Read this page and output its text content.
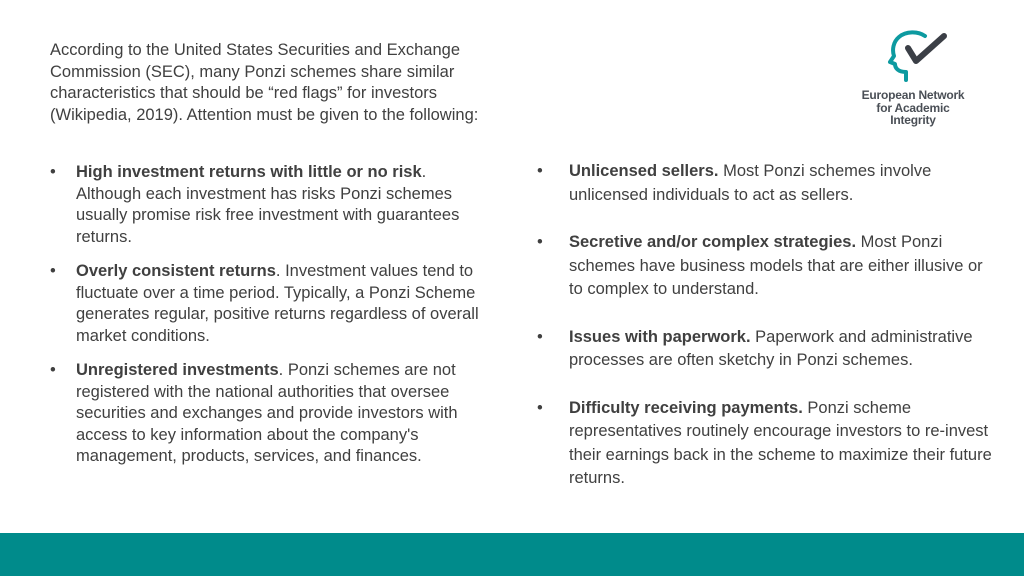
According to the United States Securities and Exchange Commission (SEC), many Ponzi schemes share similar characteristics that should be “red flags” for investors (Wikipedia, 2019). Attention must be given to the following:

European Network
for Academic
Integrity
• High investment returns with little or no risk. Although each investment has risks Ponzi schemes usually promise risk free investment with guarantees returns.
• Overly consistent returns. Investment values tend to fluctuate over a time period. Typically, a Ponzi Scheme generates regular, positive returns regardless of overall market conditions.
• Unregistered investments. Ponzi schemes are not registered with the national authorities that oversee securities and exchanges and provide investors with access to key information about the company's management, products, services, and finances.
• Unlicensed sellers. Most Ponzi schemes involve unlicensed individuals to act as sellers.
• Secretive and/or complex strategies. Most Ponzi schemes have business models that are either illusive or to complex to understand.
• Issues with paperwork. Paperwork and administrative processes are often sketchy in Ponzi schemes.
• Difficulty receiving payments. Ponzi scheme representatives routinely encourage investors to re-invest their earnings back in the scheme to maximize their future returns.
